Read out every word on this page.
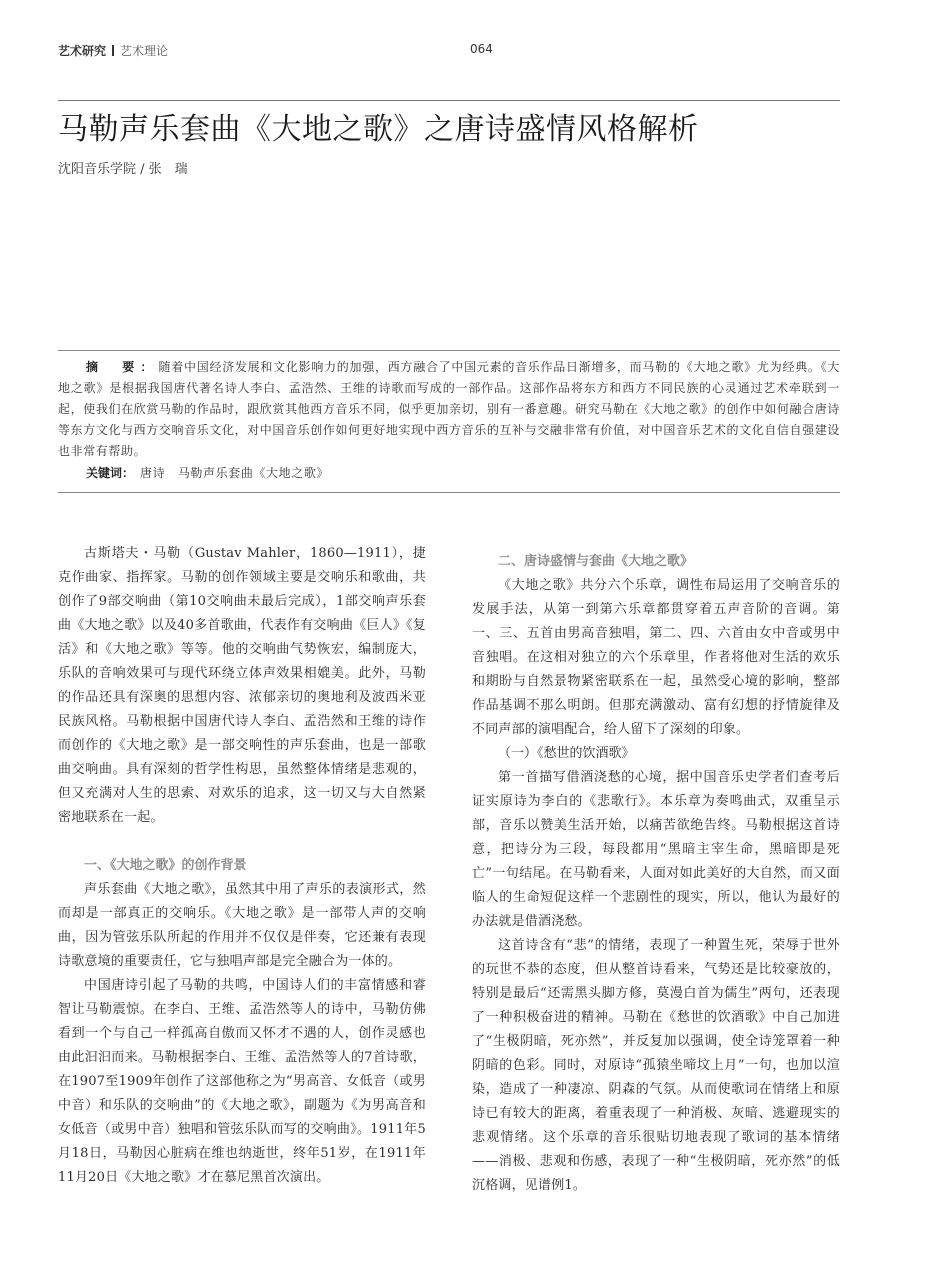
艺术研究 艺术理论	064
马勒声乐套曲《大地之歌》之唐诗盛情风格解析
沈阳音乐学院 / 张　瑞

摘　要：随着中国经济发展和文化影响力的加强，西方融合了中国元素的音乐作品日渐增多，而马勒的《大地之歌》尤为经典。《大地之歌》是根据我国唐代著名诗人李白、孟浩然、王维的诗歌而写成的一部作品。这部作品将东方和西方不同民族的心灵通过艺术牵联到一起，使我们在欣赏马勒的作品时，跟欣赏其他西方音乐不同，似乎更加亲切，别有一番意趣。研究马勒在《大地之歌》的创作中如何融合唐诗等东方文化与西方交响音乐文化，对中国音乐创作如何更好地实现中西方音乐的互补与交融非常有价值，对中国音乐艺术的文化自信自强建设也非常有帮助。

关键词： 唐诗　马勒声乐套曲《大地之歌》

古斯塔夫・马勒（Gustav Mahler，1860—1911），捷克作曲家、指挥家。马勒的创作领域主要是交响乐和歌曲，共创作了9部交响曲（第10交响曲未最后完成），1部交响声乐套曲《大地之歌》以及40多首歌曲，代表作有交响曲《巨人》《复活》和《大地之歌》等等。他的交响曲气势恢宏，编制庞大，乐队的音响效果可与现代环绕立体声效果相媲美。此外，马勒的作品还具有深奥的思想内容、浓郁亲切的奥地利及波西米亚民族风格。马勒根据中国唐代诗人李白、孟浩然和王维的诗作而创作的《大地之歌》是一部交响性的声乐套曲，也是一部歌曲交响曲。具有深刻的哲学性构思，虽然整体情绪是悲观的，但又充满对人生的思索、对欢乐的追求，这一切又与大自然紧密地联系在一起。

一、《大地之歌》的创作背景

声乐套曲《大地之歌》，虽然其中用了声乐的表演形式，然而却是一部真正的交响乐。《大地之歌》是一部带人声的交响曲，因为管弦乐队所起的作用并不仅仅是伴奏，它还兼有表现诗歌意境的重要责任，它与独唱声部是完全融合为一体的。

中国唐诗引起了马勒的共鸣，中国诗人们的丰富情感和睿智让马勒震惊。在李白、王维、孟浩然等人的诗中，马勒仿佛看到一个与自己一样孤高自傲而又怀才不遇的人，创作灵感也由此汩汩而来。马勒根据李白、王维、孟浩然等人的7首诗歌，在1907至1909年创作了这部他称之为“男高音、女低音（或男中音）和乐队的交响曲”的《大地之歌》，副题为《为男高音和女低音（或男中音）独唱和管弦乐队而写的交响曲》。1911年5月18日，马勒因心脏病在维也纳逝世，终年51岁，在1911年11月20日《大地之歌》才在慕尼黑首次演出。

二、唐诗盛情与套曲《大地之歌》

《大地之歌》共分六个乐章，调性布局运用了交响音乐的发展手法，从第一到第六乐章都贯穿着五声音阶的音调。第一、三、五首由男高音独唱，第二、四、六首由女中音或男中音独唱。在这相对独立的六个乐章里，作者将他对生活的欢乐和期盼与自然景物紧密联系在一起，虽然受心境的影响，整部作品基调不那么明朗。但那充满激动、富有幻想的抒情旋律及不同声部的演唱配合，给人留下了深刻的印象。

（一）《愁世的饮酒歌》

第一首描写借酒浇愁的心境，据中国音乐史学者们查考后证实原诗为李白的《悲歌行》。本乐章为奏鸣曲式，双重呈示部，音乐以赞美生活开始，以痛苦欲绝告终。马勒根据这首诗意，把诗分为三段，每段都用“黑暗主宰生命，黑暗即是死亡”一句结尾。在马勒看来，人面对如此美好的大自然，而又面临人的生命短促这样一个悲剧性的现实，所以，他认为最好的办法就是借酒浇愁。

这首诗含有“悲”的情绪，表现了一种置生死，荣辱于世外的玩世不恭的态度，但从整首诗看来，气势还是比较豪放的，特别是最后“还需黑头脚方修，莫漫白首为儒生”两句，还表现了一种积极奋进的精神。马勒在《愁世的饮酒歌》中自己加进了“生极阴暗，死亦然”，并反复加以强调，使全诗笼罩着一种阴暗的色彩。同时，对原诗“孤猿坐啼坟上月”一句，也加以渲染，造成了一种凄凉、阴森的气氛。从而使歌词在情绪上和原诗已有较大的距离，着重表现了一种消极、灰暗、逃避现实的悲观情绪。这个乐章的音乐很贴切地表现了歌词的基本情绪——消极、悲观和伤感，表现了一种“生极阴暗，死亦然”的低沉格调，见谱例1。
